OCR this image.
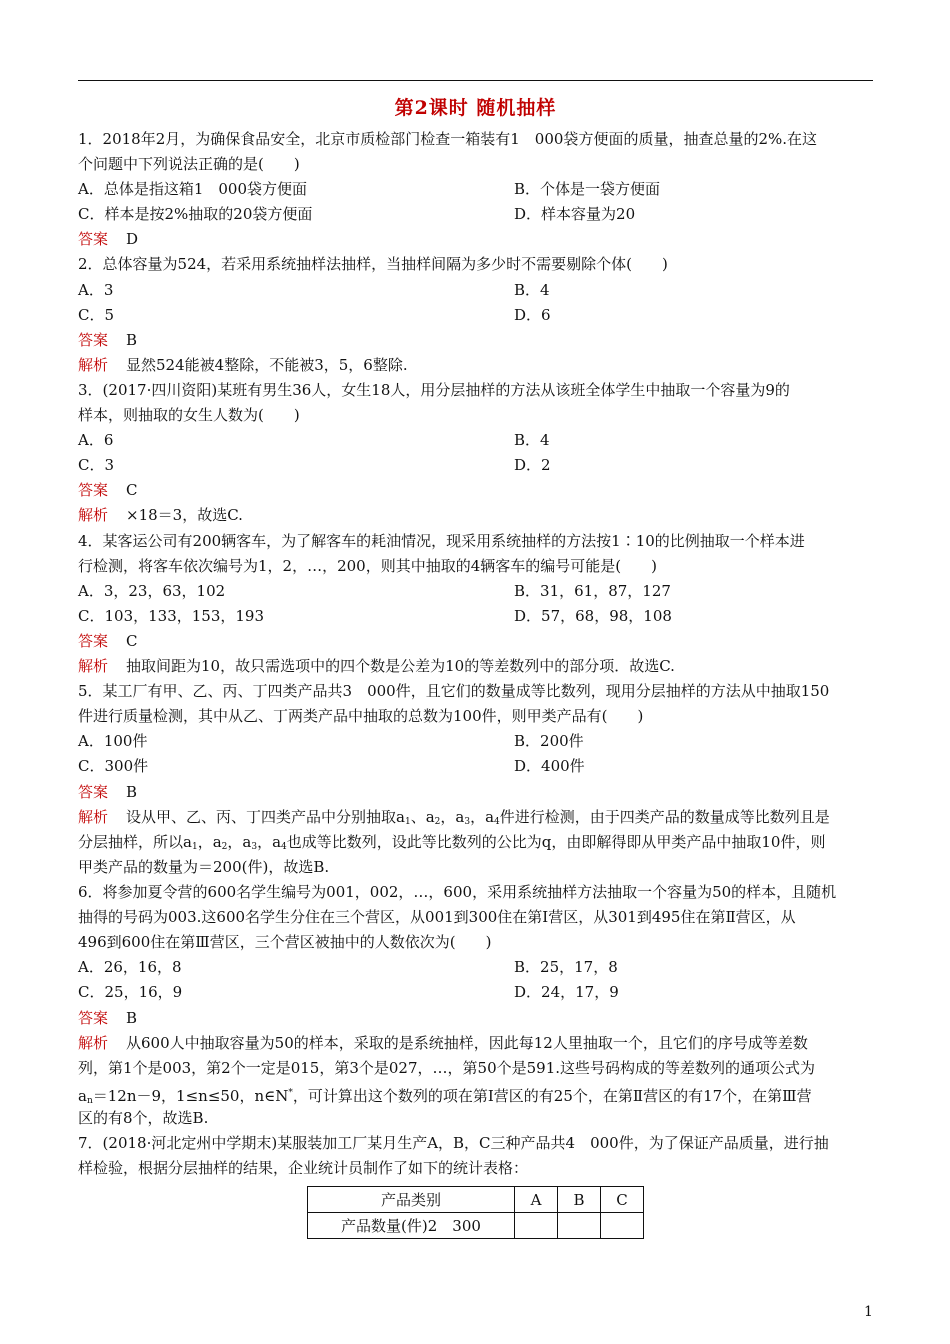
第2课时 随机抽样
1．2018年2月，为确保食品安全，北京市质检部门检查一箱装有1　000袋方便面的质量，抽查总量的2%.在这
个问题中下列说法正确的是(　　)
A．总体是指这箱1　000袋方便面	B．个体是一袋方便面
C．样本是按2%抽取的20袋方便面	D．样本容量为20
答案 D
2．总体容量为524，若采用系统抽样法抽样，当抽样间隔为多少时不需要剔除个体(　　)
A．3	B．4
C．5	D．6
答案 B
解析 显然524能被4整除，不能被3，5，6整除.
3．(2017·四川资阳)某班有男生36人，女生18人，用分层抽样的方法从该班全体学生中抽取一个容量为9的
样本，则抽取的女生人数为(　　)
A．6	B．4
C．3	D．2
答案 C
解析 ×18＝3，故选C.
4．某客运公司有200辆客车，为了解客车的耗油情况，现采用系统抽样的方法按1∶10的比例抽取一个样本进
行检测，将客车依次编号为1，2，…，200，则其中抽取的4辆客车的编号可能是(　　)
A．3，23，63，102	B．31，61，87，127
C．103，133，153，193	D．57，68，98，108
答案 C
解析 抽取间距为10，故只需选项中的四个数是公差为10的等差数列中的部分项．故选C.
5．某工厂有甲、乙、丙、丁四类产品共3　000件，且它们的数量成等比数列，现用分层抽样的方法从中抽取150
件进行质量检测，其中从乙、丁两类产品中抽取的总数为100件，则甲类产品有(　　)
A．100件	B．200件
C．300件	D．400件
答案 B
解析 设从甲、乙、丙、丁四类产品中分别抽取$a_1$、$a_2$，$a_3$，$a_4$件进行检测，由于四类产品的数量成等比数列且是
分层抽样，所以$a_1$，$a_2$，$a_3$，$a_4$也成等比数列，设此等比数列的公比为q，由即解得即从甲类产品中抽取10件，则
甲类产品的数量为＝200(件)，故选B.
6．将参加夏令营的600名学生编号为001，002，…，600，采用系统抽样方法抽取一个容量为50的样本，且随机
抽得的号码为003.这600名学生分住在三个营区，从001到300住在第Ⅰ营区，从301到495住在第Ⅱ营区，从
496到600住在第Ⅲ营区，三个营区被抽中的人数依次为(　　)
A．26，16，8	B．25，17，8
C．25，16，9	D．24，17，9
答案 B
解析 从600人中抽取容量为50的样本，采取的是系统抽样，因此每12人里抽取一个，且它们的序号成等差数
列，第1个是003，第2个一定是015，第3个是027，…，第50个是591.这些号码构成的等差数列的通项公式为
$a_n=12n-9$，1≤n≤50，n∈N*，可计算出这个数列的项在第Ⅰ营区的有25个，在第Ⅱ营区的有17个，在第Ⅲ营
区的有8个，故选B.
7．(2018·河北定州中学期末)某服装加工厂某月生产A，B，C三种产品共4　000件，为了保证产品质量，进行抽
样检验，根据分层抽样的结果，企业统计员制作了如下的统计表格：
产品类别	A	B	C
产品数量(件)2　300			
1
